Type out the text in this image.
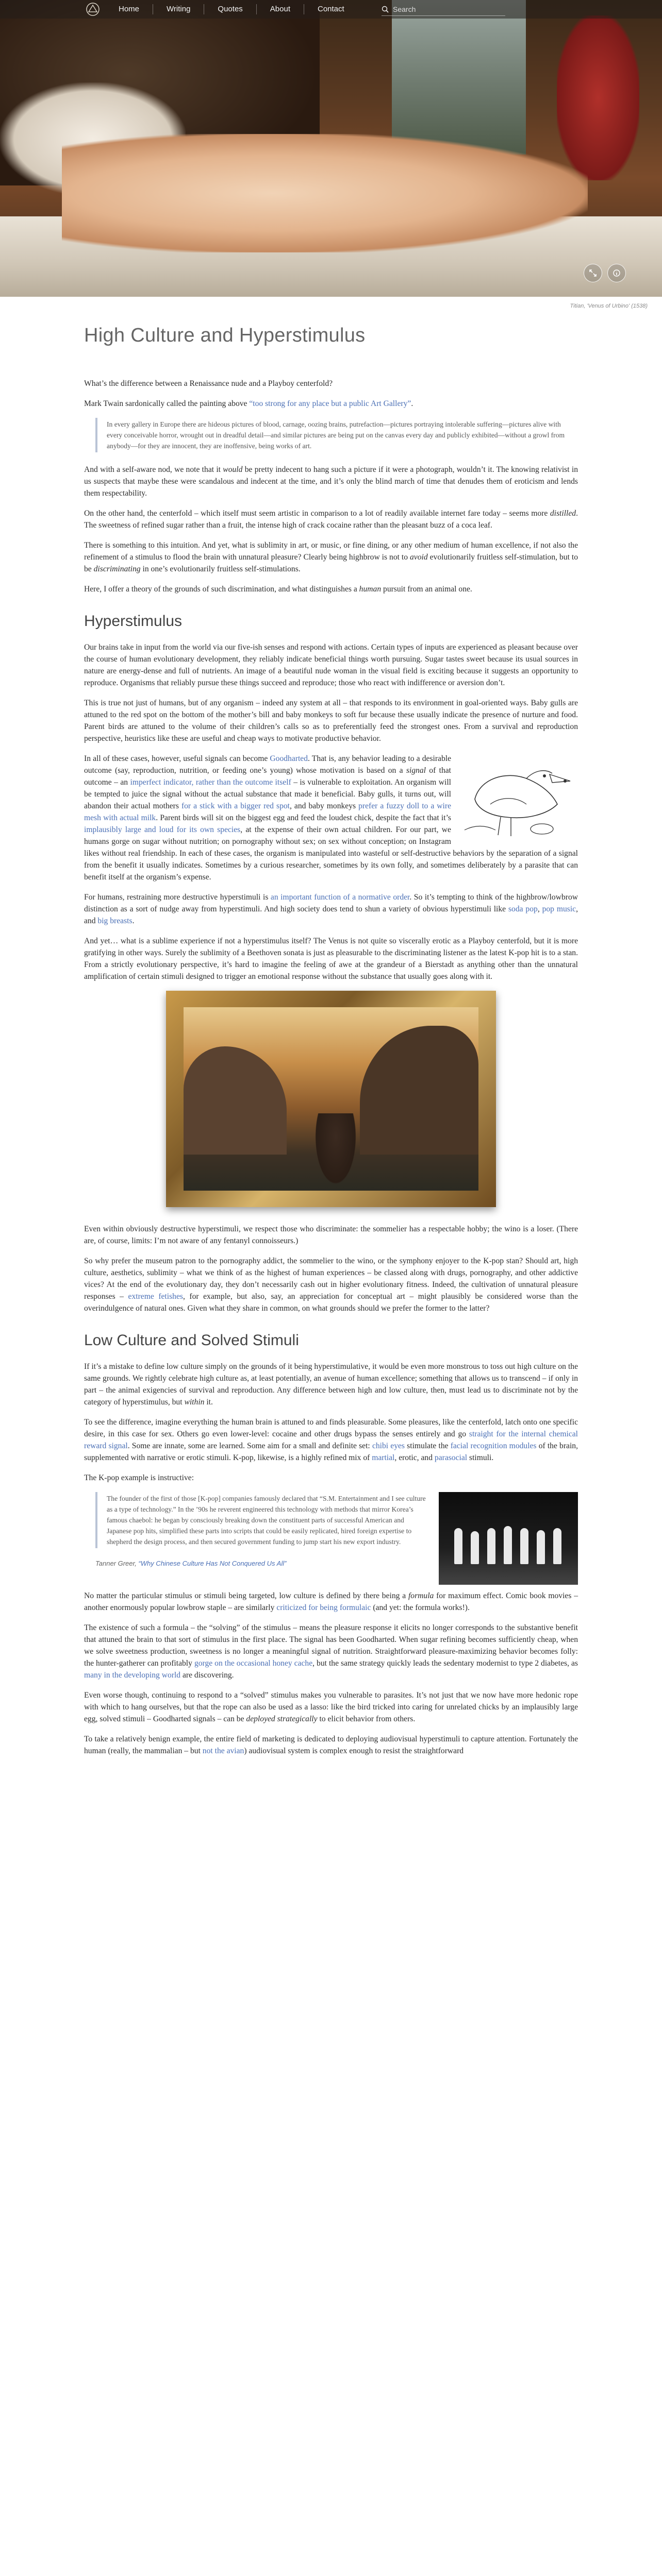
Home	Writing	Quotes	About	Contact
Search
Titian, 'Venus of Urbino' (1538)
High Culture and Hyperstimulus

What’s the difference between a Renaissance nude and a Playboy centerfold?

Mark Twain sardonically called the painting above “too strong for any place but a public Art Gallery”.

In every gallery in Europe there are hideous pictures of blood, carnage, oozing brains, putrefaction—pictures portraying intolerable suffering—pictures alive with every conceivable horror, wrought out in dreadful detail—and similar pictures are being put on the canvas every day and publicly exhibited—without a growl from anybody—for they are innocent, they are inoffensive, being works of art.

And with a self-aware nod, we note that it would be pretty indecent to hang such a picture if it were a photograph, wouldn’t it. The knowing relativist in us suspects that maybe these were scandalous and indecent at the time, and it’s only the blind march of time that denudes them of eroticism and lends them respectability.

On the other hand, the centerfold – which itself must seem artistic in comparison to a lot of readily available internet fare today – seems more distilled. The sweetness of refined sugar rather than a fruit, the intense high of crack cocaine rather than the pleasant buzz of a coca leaf.

There is something to this intuition. And yet, what is sublimity in art, or music, or fine dining, or any other medium of human excellence, if not also the refinement of a stimulus to flood the brain with unnatural pleasure? Clearly being highbrow is not to avoid evolutionarily fruitless self-stimulation, but to be discriminating in one’s evolutionarily fruitless self-stimulations.

Here, I offer a theory of the grounds of such discrimination, and what distinguishes a human pursuit from an animal one.

Hyperstimulus

Our brains take in input from the world via our five-ish senses and respond with actions. Certain types of inputs are experienced as pleasant because over the course of human evolutionary development, they reliably indicate beneficial things worth pursuing. Sugar tastes sweet because its usual sources in nature are energy-dense and full of nutrients. An image of a beautiful nude woman in the visual field is exciting because it suggests an opportunity to reproduce. Organisms that reliably pursue these things succeed and reproduce; those who react with indifference or aversion don’t.

This is true not just of humans, but of any organism – indeed any system at all – that responds to its environment in goal-oriented ways. Baby gulls are attuned to the red spot on the bottom of the mother’s bill and baby monkeys to soft fur because these usually indicate the presence of nurture and food. Parent birds are attuned to the volume of their children’s calls so as to preferentially feed the strongest ones. From a survival and reproduction perspective, heuristics like these are useful and cheap ways to motivate productive behavior.

In all of these cases, however, useful signals can become Goodharted. That is, any behavior leading to a desirable outcome (say, reproduction, nutrition, or feeding one’s young) whose motivation is based on a signal of that outcome – an imperfect indicator, rather than the outcome itself – is vulnerable to exploitation. An organism will be tempted to juice the signal without the actual substance that made it beneficial. Baby gulls, it turns out, will abandon their actual mothers for a stick with a bigger red spot, and baby monkeys prefer a fuzzy doll to a wire mesh with actual milk. Parent birds will sit on the biggest egg and feed the loudest chick, despite the fact that it’s implausibly large and loud for its own species, at the expense of their own actual children. For our part, we humans gorge on sugar without nutrition; on pornography without sex; on sex without conception; on Instagram likes without real friendship. In each of these cases, the organism is manipulated into wasteful or self-destructive behaviors by the separation of a signal from the benefit it usually indicates. Sometimes by a curious researcher, sometimes by its own folly, and sometimes deliberately by a parasite that can benefit itself at the organism’s expense.

For humans, restraining more destructive hyperstimuli is an important function of a normative order. So it’s tempting to think of the highbrow/lowbrow distinction as a sort of nudge away from hyperstimuli. And high society does tend to shun a variety of obvious hyperstimuli like soda pop, pop music, and big breasts.

And yet… what is a sublime experience if not a hyperstimulus itself? The Venus is not quite so viscerally erotic as a Playboy centerfold, but it is more gratifying in other ways. Surely the sublimity of a Beethoven sonata is just as pleasurable to the discriminating listener as the latest K-pop hit is to a stan. From a strictly evolutionary perspective, it’s hard to imagine the feeling of awe at the grandeur of a Bierstadt as anything other than the unnatural amplification of certain stimuli designed to trigger an emotional response without the substance that usually goes along with it.

Even within obviously destructive hyperstimuli, we respect those who discriminate: the sommelier has a respectable hobby; the wino is a loser. (There are, of course, limits: I’m not aware of any fentanyl connoisseurs.)

So why prefer the museum patron to the pornography addict, the sommelier to the wino, or the symphony enjoyer to the K-pop stan? Should art, high culture, aesthetics, sublimity – what we think of as the highest of human experiences – be classed along with drugs, pornography, and other addictive vices? At the end of the evolutionary day, they don’t necessarily cash out in higher evolutionary fitness. Indeed, the cultivation of unnatural pleasure responses – extreme fetishes, for example, but also, say, an appreciation for conceptual art – might plausibly be considered worse than the overindulgence of natural ones. Given what they share in common, on what grounds should we prefer the former to the latter?

Low Culture and Solved Stimuli

If it’s a mistake to define low culture simply on the grounds of it being hyperstimulative, it would be even more monstrous to toss out high culture on the same grounds. We rightly celebrate high culture as, at least potentially, an avenue of human excellence; something that allows us to transcend – if only in part – the animal exigencies of survival and reproduction. Any difference between high and low culture, then, must lead us to discriminate not by the category of hyperstimulus, but within it.

To see the difference, imagine everything the human brain is attuned to and finds pleasurable. Some pleasures, like the centerfold, latch onto one specific desire, in this case for sex. Others go even lower-level: cocaine and other drugs bypass the senses entirely and go straight for the internal chemical reward signal. Some are innate, some are learned. Some aim for a small and definite set: chibi eyes stimulate the facial recognition modules of the brain, supplemented with narrative or erotic stimuli. K-pop, likewise, is a highly refined mix of martial, erotic, and parasocial stimuli.

The K-pop example is instructive:

The founder of the first of those [K-pop] companies famously declared that “S.M. Entertainment and I see culture as a type of technology.” In the ’90s he reverent engineered this technology with methods that mirror Korea’s famous chaebol: he began by consciously breaking down the constituent parts of successful American and Japanese pop hits, simplified these parts into scripts that could be easily replicated, hired foreign expertise to shepherd the design process, and then secured government funding to jump start his new export industry.
Tanner Greer, “Why Chinese Culture Has Not Conquered Us All”

No matter the particular stimulus or stimuli being targeted, low culture is defined by there being a formula for maximum effect. Comic book movies – another enormously popular lowbrow staple – are similarly criticized for being formulaic (and yet: the formula works!).

The existence of such a formula – the “solving” of the stimulus – means the pleasure response it elicits no longer corresponds to the substantive benefit that attuned the brain to that sort of stimulus in the first place. The signal has been Goodharted. When sugar refining becomes sufficiently cheap, when we solve sweetness production, sweetness is no longer a meaningful signal of nutrition. Straightforward pleasure-maximizing behavior becomes folly: the hunter-gatherer can profitably gorge on the occasional honey cache, but the same strategy quickly leads the sedentary modernist to type 2 diabetes, as many in the developing world are discovering.

Even worse though, continuing to respond to a “solved” stimulus makes you vulnerable to parasites. It’s not just that we now have more hedonic rope with which to hang ourselves, but that the rope can also be used as a lasso: like the bird tricked into caring for unrelated chicks by an implausibly large egg, solved stimuli – Goodharted signals – can be deployed strategically to elicit behavior from others.

To take a relatively benign example, the entire field of marketing is dedicated to deploying audiovisual hyperstimuli to capture attention. Fortunately the human (really, the mammalian – but not the avian) audiovisual system is complex enough to resist the straightforward
